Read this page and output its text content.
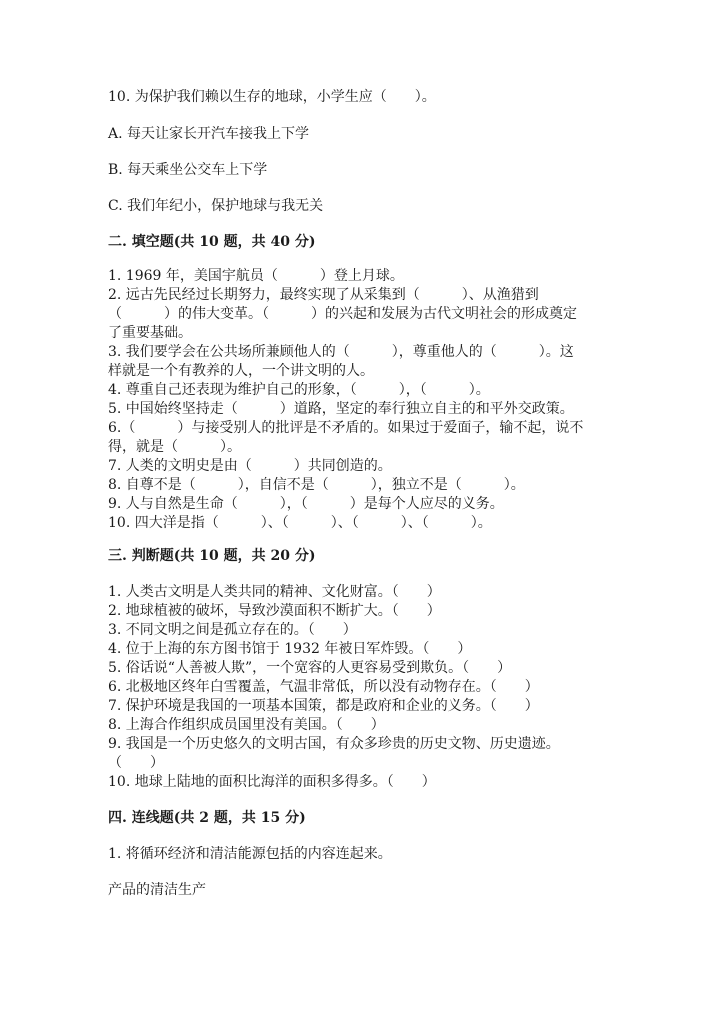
10. 为保护我们赖以生存的地球，小学生应（　　）。
A. 每天让家长开汽车接我上下学
B. 每天乘坐公交车上下学
C. 我们年纪小，保护地球与我无关
二. 填空题(共 10 题，共 40 分)
1. 1969 年，美国宇航员（　　　）登上月球。
2. 远古先民经过长期努力，最终实现了从采集到（　　　）、从渔猎到
（　　　）的伟大变革。（　　　）的兴起和发展为古代文明社会的形成奠定
了重要基础。
3. 我们要学会在公共场所兼顾他人的（　　　），尊重他人的（　　　）。这
样就是一个有教养的人，一个讲文明的人。
4. 尊重自己还表现为维护自己的形象，（　　　），（　　　）。
5. 中国始终坚持走（　　　）道路，坚定的奉行独立自主的和平外交政策。
6.（　　　）与接受别人的批评是不矛盾的。如果过于爱面子，输不起，说不
得，就是（　　　）。
7. 人类的文明史是由（　　　）共同创造的。
8. 自尊不是（　　　），自信不是（　　　），独立不是（　　　）。
9. 人与自然是生命（　　　），（　　　）是每个人应尽的义务。
10. 四大洋是指（　　　）、（　　　）、（　　　）、（　　　）。
三. 判断题(共 10 题，共 20 分)
1. 人类古文明是人类共同的精神、文化财富。（　　）
2. 地球植被的破坏，导致沙漠面积不断扩大。（　　）
3. 不同文明之间是孤立存在的。（　　）
4. 位于上海的东方图书馆于 1932 年被日军炸毁。（　　）
5. 俗话说“人善被人欺”，一个宽容的人更容易受到欺负。（　　）
6. 北极地区终年白雪覆盖，气温非常低，所以没有动物存在。（　　）
7. 保护环境是我国的一项基本国策，都是政府和企业的义务。（　　）
8. 上海合作组织成员国里没有美国。（　　）
9. 我国是一个历史悠久的文明古国，有众多珍贵的历史文物、历史遗迹。
（　　）
10. 地球上陆地的面积比海洋的面积多得多。（　　）
四. 连线题(共 2 题，共 15 分)
1. 将循环经济和清洁能源包括的内容连起来。
产品的清洁生产
